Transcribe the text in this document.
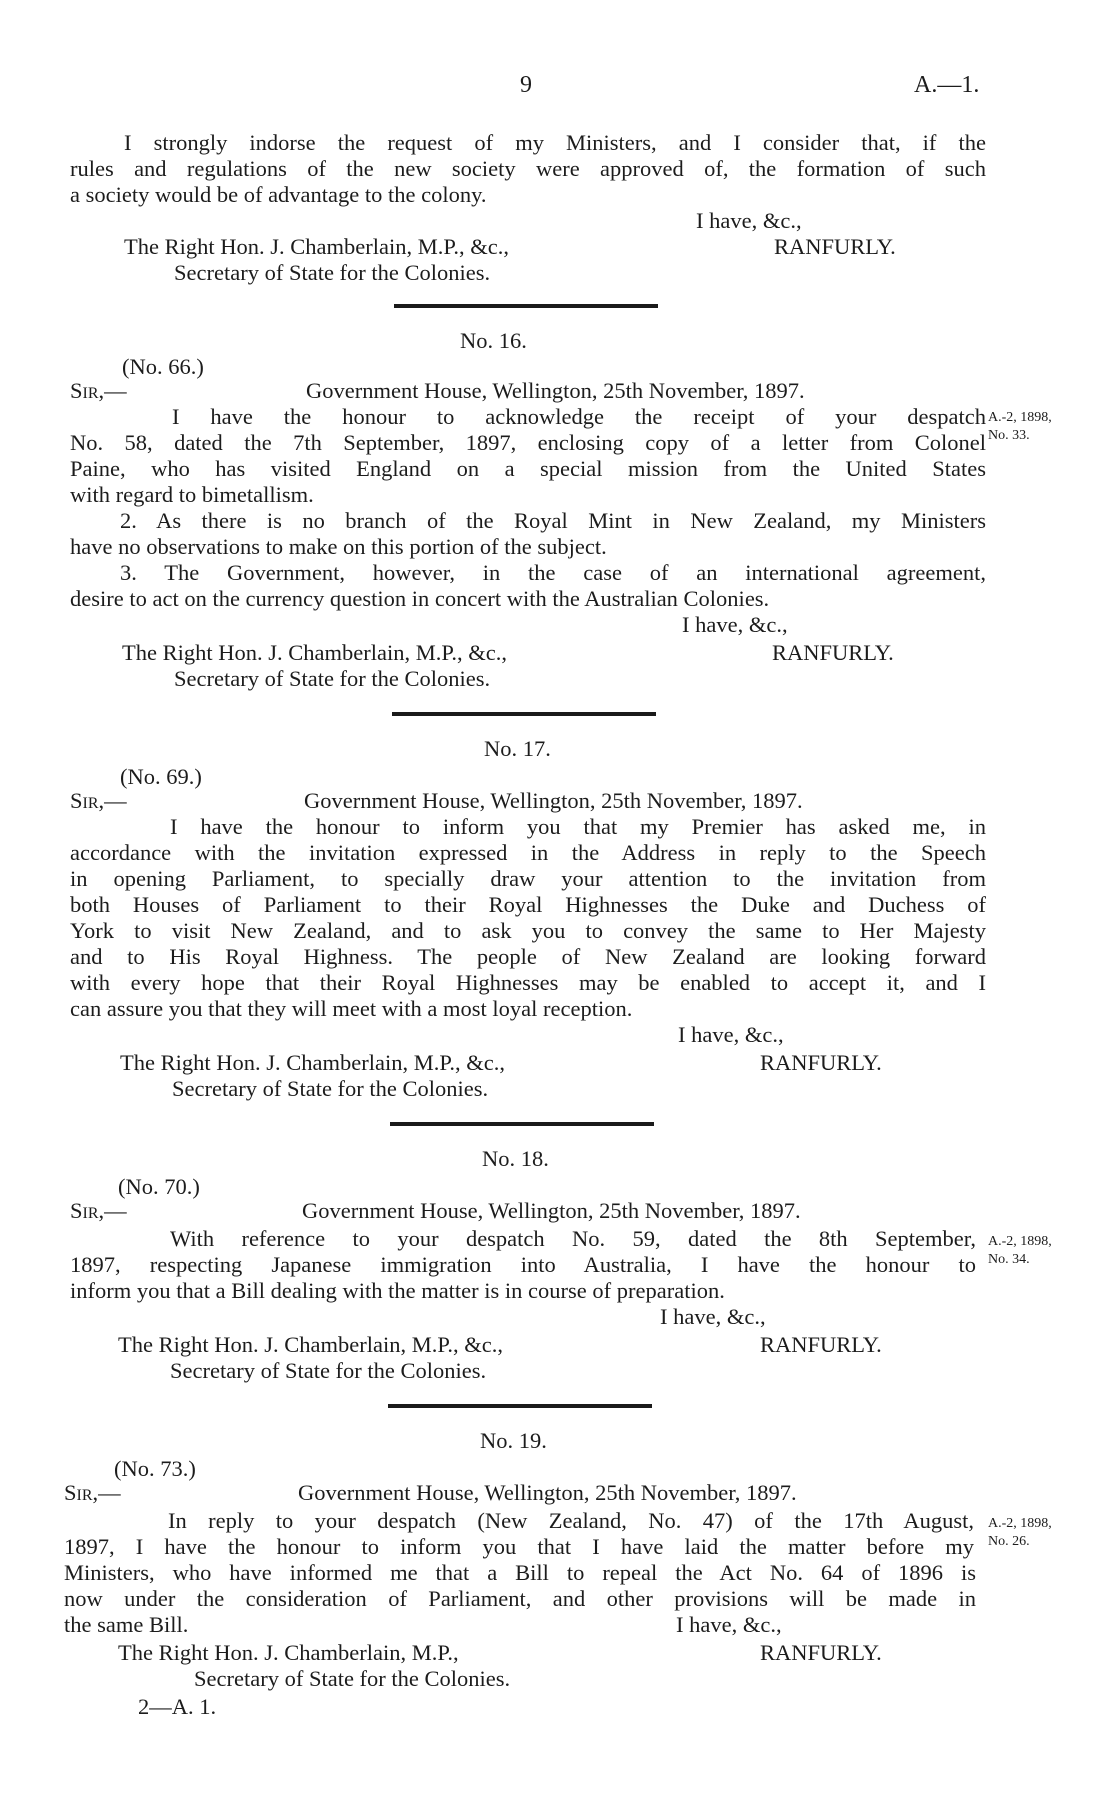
9	A.—1.
I strongly indorse the request of my Ministers, and I consider that, if the
rules and regulations of the new society were approved of, the formation of such
a society would be of advantage to the colony.
I have, &c.,
The Right Hon. J. Chamberlain, M.P., &c.,	RANFURLY.
Secretary of State for the Colonies.
No. 16.
(No. 66.)
Sir,—	Government House, Wellington, 25th November, 1897.
I have the honour to acknowledge the receipt of your despatch
No. 58, dated the 7th September, 1897, enclosing copy of a letter from Colonel
Paine, who has visited England on a special mission from the United States
with regard to bimetallism.
2. As there is no branch of the Royal Mint in New Zealand, my Ministers
have no observations to make on this portion of the subject.
3. The Government, however, in the case of an international agreement,
desire to act on the currency question in concert with the Australian Colonies.
A.-2, 1898,
No. 33.
I have, &c.,
The Right Hon. J. Chamberlain, M.P., &c.,	RANFURLY.
Secretary of State for the Colonies.
No. 17.
(No. 69.)
Sir,—	Government House, Wellington, 25th November, 1897.
I have the honour to inform you that my Premier has asked me, in
accordance with the invitation expressed in the Address in reply to the Speech
in opening Parliament, to specially draw your attention to the invitation from
both Houses of Parliament to their Royal Highnesses the Duke and Duchess of
York to visit New Zealand, and to ask you to convey the same to Her Majesty
and to His Royal Highness. The people of New Zealand are looking forward
with every hope that their Royal Highnesses may be enabled to accept it, and I
can assure you that they will meet with a most loyal reception.
I have, &c.,
The Right Hon. J. Chamberlain, M.P., &c.,	RANFURLY.
Secretary of State for the Colonies.
No. 18.
(No. 70.)
Sir,—	Government House, Wellington, 25th November, 1897.
With reference to your despatch No. 59, dated the 8th September,
1897, respecting Japanese immigration into Australia, I have the honour to
inform you that a Bill dealing with the matter is in course of preparation.
A.-2, 1898,
No. 34.
I have, &c.,
The Right Hon. J. Chamberlain, M.P., &c.,	RANFURLY.
Secretary of State for the Colonies.
No. 19.
(No. 73.)
Sir,—	Government House, Wellington, 25th November, 1897.
In reply to your despatch (New Zealand, No. 47) of the 17th August,
1897, I have the honour to inform you that I have laid the matter before my
Ministers, who have informed me that a Bill to repeal the Act No. 64 of 1896 is
now under the consideration of Parliament, and other provisions will be made in
the same Bill.
A.-2, 1898,
No. 26.
I have, &c.,
The Right Hon. J. Chamberlain, M.P.,	RANFURLY.
Secretary of State for the Colonies.
2—A. 1.
